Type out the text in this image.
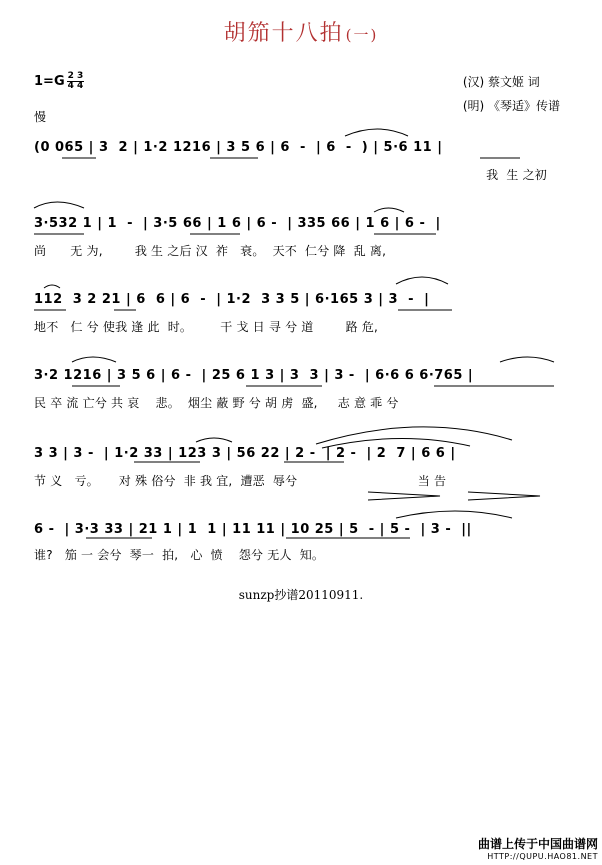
胡笳十八拍 (一)
$1=G \frac{2 3}{4 4}$	(汉) 蔡文姬 词
(明) 《琴适》传谱
慢
(0 065 | 3  2 | 1·2 1216 | 3 5 6 | 6  -  | 6  -  ) | 5·6 11 |
我  生 之初
3·532 1 | 1  -  | 3·5 66 | 1 6 | 6 -  | 335 66 | 1 6 | 6 -  |
尚      无 为,        我 生 之后 汉  祚   衰。  天不  仁兮 降  乱 离,
112  3 2 21 | 6  6 | 6  -  | 1·2  3 3 5 | 6·165 3 | 3  -  |
地不   仁 兮 使我 逢 此  时。       干 戈 日 寻 兮 道        路 危,
3·2 1216 | 3 5 6 | 6 -  | 25 6 1 3 | 3  3 | 3 -  | 6·6 6 6·765 |
民 卒 流 亡兮 共 哀    悲。  烟尘 蔽 野 兮 胡 虏  盛,     志 意 乖 兮
3 3 | 3 -  | 1·2 33 | 123 3 | 56 22 | 2 -  | 2 -  | 2  7 | 6 6 |
节 义   亏。     对 殊 俗兮  非 我 宜,  遭恶  辱兮                              当 告
6 -  | 3·3 33 | 21 1 | 1  1 | 11 11 | 10 25 | 5  - | 5 -  | 3 -  ||
谁?   笳 一 会兮  琴一  拍,   心  愤    怨兮 无人  知。
sunzp抄谱20110911.
曲谱上传于中国曲谱网
HTTP://QUPU.HAO81.NET
